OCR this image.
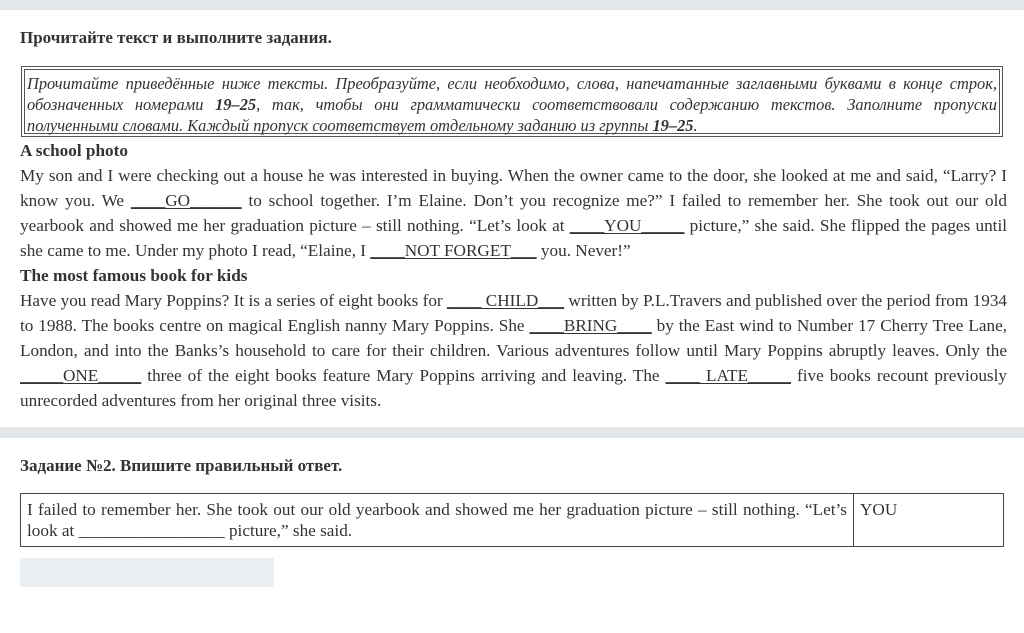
Прочитайте текст и выполните задания.
Прочитайте приведённые ниже тексты. Преобразуйте, если необходимо, слова, напечатанные заглавными буквами в конце строк, обозначенных номерами 19–25, так, чтобы они грамматически соответствовали содержанию текстов. Заполните пропуски полученными словами. Каждый пропуск соответствует отдельному заданию из группы 19–25.
A school photo
My son and I were checking out a house he was interested in buying. When the owner came to the door, she looked at me and said, “Larry? I know you. We ____GO______ to school together. I’m Elaine. Don’t you recognize me?” I failed to remember her. She took out our old yearbook and showed me her graduation picture – still nothing. “Let’s look at ____YOU_____ picture,” she said. She flipped the pages until she came to me. Under my photo I read, “Elaine, I ____NOT FORGET___ you. Never!”
The most famous book for kids
Have you read Mary Poppins? It is a series of eight books for ____ CHILD___ written by P.L.Travers and published over the period from 1934 to 1988. The books centre on magical English nanny Mary Poppins. She ____BRING____ by the East wind to Number 17 Cherry Tree Lane, London, and into the Banks’s household to care for their children. Various adventures follow until Mary Poppins abruptly leaves. Only the _____ONE_____ three of the eight books feature Mary Poppins arriving and leaving. The ____ LATE_____ five books recount previously unrecorded adventures from her original three visits.
Задание №2. Впишите правильный ответ.
I failed to remember her. She took out our old yearbook and showed me her graduation picture – still nothing. “Let’s look at _________________ picture,” she said.	YOU
